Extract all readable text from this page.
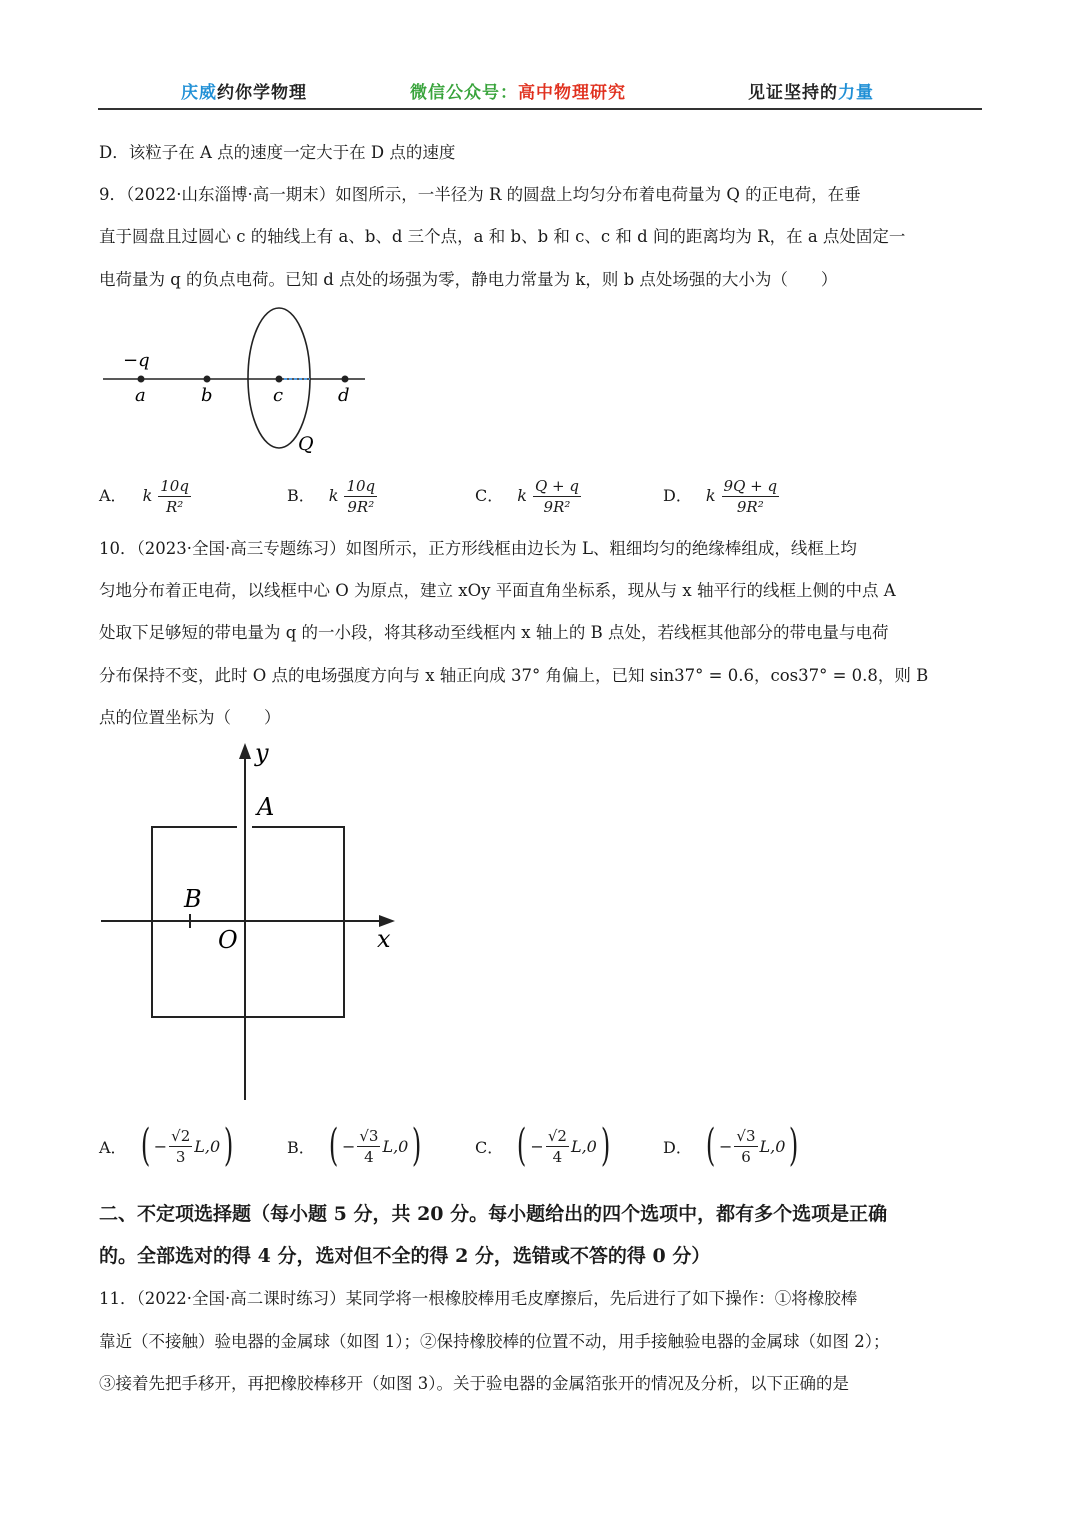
庆威约你学物理	微信公众号：高中物理研究	见证坚持的力量
D．该粒子在 A 点的速度一定大于在 D 点的速度
9．（2022·山东淄博·高一期末）如图所示，一半径为 R 的圆盘上均匀分布着电荷量为 Q 的正电荷，在垂
直于圆盘且过圆心 c 的轴线上有 a、b、d 三个点，a 和 b、b 和 c、c 和 d 间的距离均为 R，在 a 点处固定一
电荷量为 q 的负点电荷。已知 d 点处的场强为零，静电力常量为 k，则 b 点处场强的大小为（　　）
−q
a	b	c	d
Q
A． k $\frac{10q}{\text{R²}}$	B． k $\frac{10q}{\text{9R²}}$	C． k $\frac{Q + q}{\text{9R²}}$	D． k $\frac{9Q + q}{\text{9R²}}$
10．（2023·全国·高三专题练习）如图所示，正方形线框由边长为 L、粗细均匀的绝缘棒组成，线框上均
匀地分布着正电荷，以线框中心 O 为原点，建立 xOy 平面直角坐标系，现从与 x 轴平行的线框上侧的中点 A
处取下足够短的带电量为 q 的一小段，将其移动至线框内 x 轴上的 B 点处，若线框其他部分的带电量与电荷
分布保持不变，此时 O 点的电场强度方向与 x 轴正向成 37° 角偏上，已知 sin37° = 0.6，cos37° = 0.8，则 B
点的位置坐标为（　　）
y
A
B
O	x
A． ( − $\frac{√2}{3} L,0$ )	B． ( − $\frac{√3}{4} L,0$ )	C． ( − $\frac{√2}{4} L,0$ )	D． ( − $\frac{√3}{6} L,0$ )
二、不定项选择题（每小题 5 分，共 20 分。每小题给出的四个选项中，都有多个选项是正确
的。全部选对的得 4 分，选对但不全的得 2 分，选错或不答的得 0 分）
11．（2022·全国·高二课时练习）某同学将一根橡胶棒用毛皮摩擦后，先后进行了如下操作：①将橡胶棒
靠近（不接触）验电器的金属球（如图 1）；②保持橡胶棒的位置不动，用手接触验电器的金属球（如图 2）；
③接着先把手移开，再把橡胶棒移开（如图 3）。关于验电器的金属箔张开的情况及分析，以下正确的是
